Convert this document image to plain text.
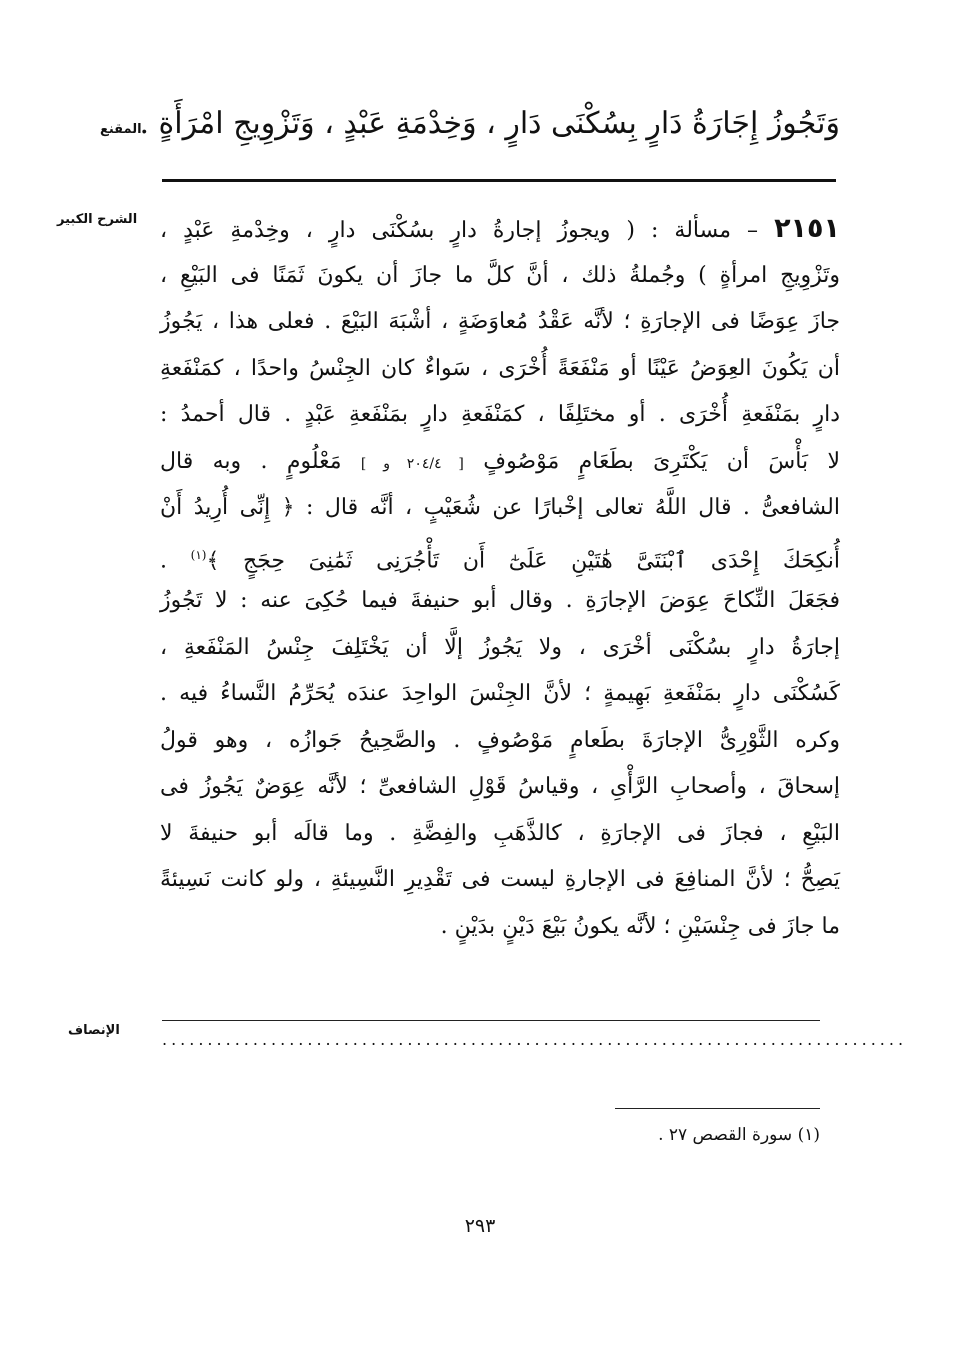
المقنع
وَتَجُوزُ إِجَارَةُ دَارٍ بِسُكْنَى دَارٍ ، وَخِدْمَةِ عَبْدٍ ، وَتَزْوِيجِ امْرَأَةٍ .
الشرح الكبير	٢١٥١ – مسألة : ( ويجوزُ إجارةُ دارٍ بسُكْنَى دارٍ ، وخِدْمةِ عَبْدٍ ،
وتَزْوِيجِ امرأةٍ ) وجُملةُ ذلك ، أنَّ كلَّ ما جازَ أن يكونَ ثَمَنًا فى البَيْعِ ،
جازَ عِوَضًا فى الإجارَةِ ؛ لأنَّه عَقْدُ مُعاوَضَةٍ ، أشْبَهَ البَيْعَ . فعلى هذا ، يَجُوزُ
أن يَكُونَ العِوَضُ عَيْنًا أو مَنْفَعَةً أُخْرَى ، سَواءٌ كان الجِنْسُ واحدًا ، كمَنْفَعةِ
دارٍ بمَنْفَعةِ أُخْرَى . أو مختَلِفًا ، كمَنْفَعةِ دارٍ بمَنْفَعةِ عَبْدٍ . قال أحمدُ :
لا بَأْسَ أن يَكْتَرِىَ بطَعَامٍ مَوْصُوفٍ [ ٢٠٤/٤ و ] مَعْلُومٍ . وبه قال
الشافعىُّ . قال اللَّهُ تعالى إخْبارًا عن شُعَيْبٍ ، أنَّه قال : ﴿ إِنِّى أُرِيدُ أَنْ
أُنكِحَكَ إِحْدَى ٱبْنَتَىَّ هَٰتَيْنِ عَلَىٰٓ أَن تَأْجُرَنِى ثَمَٰنِىَ حِجَجٍ ﴾$^{(١)}$ .
فجَعَلَ النِّكاحَ عِوَضَ الإجارَةِ . وقال أبو حنيفةَ فيما حُكِىَ عنه : لا تَجُوزُ
إجارَةُ دارٍ بسُكْنَى أخْرَى ، ولا يَجُوزُ إلَّا أن يَخْتَلِفَ جِنْسُ المَنْفَعةِ ،
كَسُكْنَى دارٍ بمَنْفَعةِ بَهِيمةٍ ؛ لأنَّ الجِنْسَ الواحِدَ عندَه يُحَرِّمُ النَّساءُ فيه .
وكره الثَّوْرِىُّ الإجارَةَ بطَعامٍ مَوْصُوفٍ . والصَّحِيحُ جَوازُه ، وهو قولُ
إسحاقَ ، وأصحابِ الرَّأْىِ ، وقياسُ قَوْلِ الشافعىِّ ؛ لأنَّه عِوَضٌ يَجُوزُ فى
البَيْعِ ، فجازَ فى الإجارَةِ ، كالذَّهَبِ والفِضَّةِ . وما قالَه أبو حنيفةَ لا
يَصِحُّ ؛ لأنَّ المنافِعَ فى الإجارةِ ليست فى تَقْدِيرِ النَّسِيئةِ ، ولو كانت نَسِيئةً
ما جازَ فى جِنْسَيْنِ ؛ لأنَّه يكونُ بَيْعَ دَيْنٍ بدَيْنٍ .
الإنصاف	..................................................................................
(١) سورة القصص ٢٧ .
٢٩٣
